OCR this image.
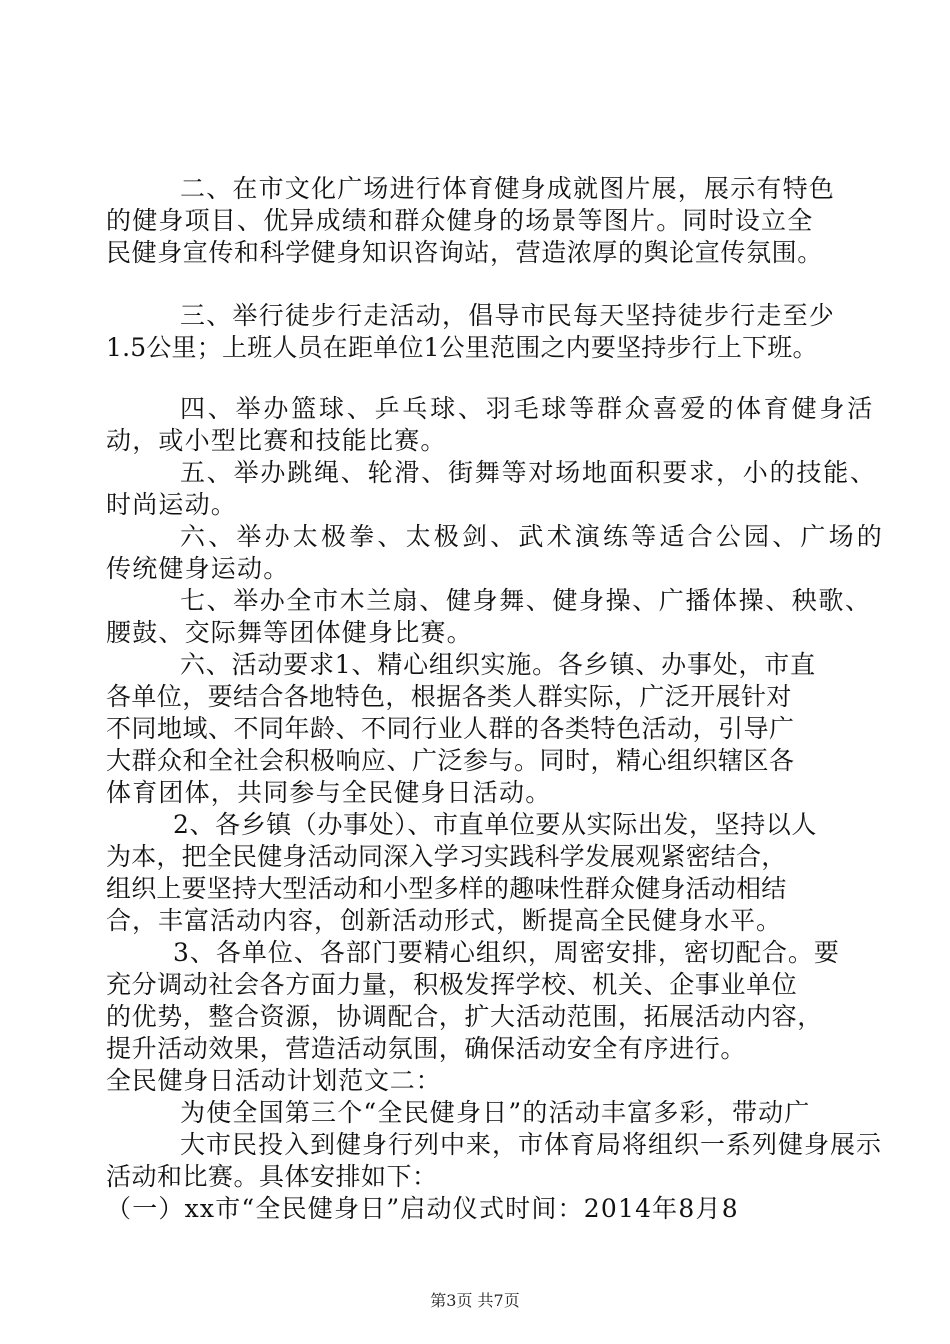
二、在市文化广场进行体育健身成就图片展，展示有特色
的健身项目、优异成绩和群众健身的场景等图片。同时设立全
民健身宣传和科学健身知识咨询站，营造浓厚的舆论宣传氛围。
三、举行徒步行走活动，倡导市民每天坚持徒步行走至少
1.5公里；上班人员在距单位1公里范围之内要坚持步行上下班。
四、举办篮球、乒乓球、羽毛球等群众喜爱的体育健身活
动，或小型比赛和技能比赛。
五、举办跳绳、轮滑、街舞等对场地面积要求，小的技能、
时尚运动。
六、举办太极拳、太极剑、武术演练等适合公园、广场的
传统健身运动。
七、举办全市木兰扇、健身舞、健身操、广播体操、秧歌、
腰鼓、交际舞等团体健身比赛。
六、活动要求1、精心组织实施。各乡镇、办事处，市直
各单位，要结合各地特色，根据各类人群实际，广泛开展针对
不同地域、不同年龄、不同行业人群的各类特色活动，引导广
大群众和全社会积极响应、广泛参与。同时，精心组织辖区各
体育团体，共同参与全民健身日活动。
2、各乡镇（办事处）、市直单位要从实际出发，坚持以人
为本，把全民健身活动同深入学习实践科学发展观紧密结合，
组织上要坚持大型活动和小型多样的趣味性群众健身活动相结
合，丰富活动内容，创新活动形式，断提高全民健身水平。
3、各单位、各部门要精心组织，周密安排，密切配合。要
充分调动社会各方面力量，积极发挥学校、机关、企事业单位
的优势，整合资源，协调配合，扩大活动范围，拓展活动内容，
提升活动效果，营造活动氛围，确保活动安全有序进行。
全民健身日活动计划范文二：
为使全国第三个“全民健身日”的活动丰富多彩，带动广
大市民投入到健身行列中来，市体育局将组织一系列健身展示
活动和比赛。具体安排如下：
（一）xx市“全民健身日”启动仪式时间：2014年8月8
第3页 共7页
